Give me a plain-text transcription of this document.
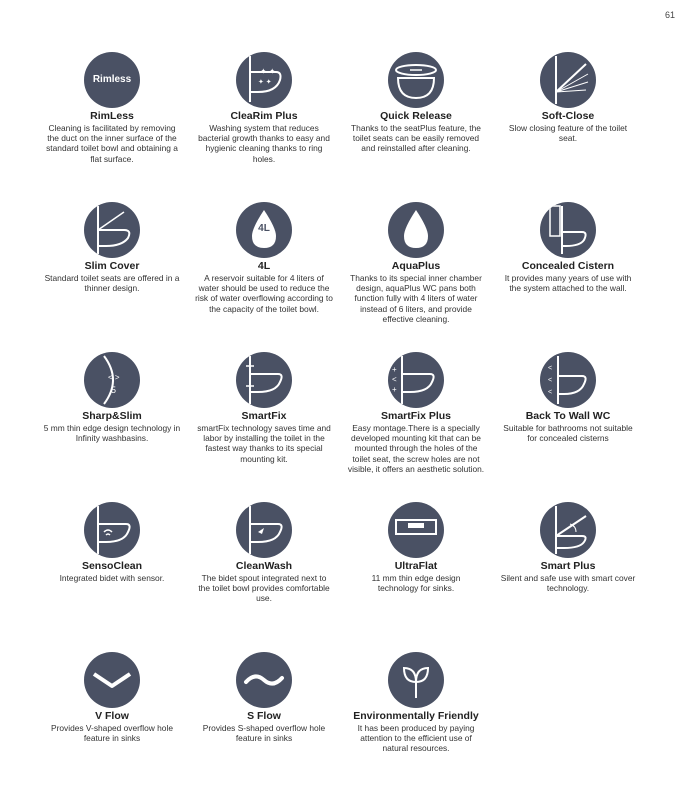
61
Rimless
RimLess
Cleaning is facilitated by removing the duct on the inner surface of the standard toilet bowl and obtaining a flat surface.
✦ ✦
✦ ✦
CleaRim Plus
Washing system that reduces bacterial growth thanks to easy and hygienic cleaning thanks to ring holes.
Quick Release
Thanks to the seatPlus feature, the toilet seats can be easily removed and reinstalled after cleaning.
Soft-Close
Slow closing feature of the toilet seat.
Slim Cover
Standard toilet seats are offered in a thinner design.
4L
4L
A reservoir suitable for 4 liters of water should be used to reduce the risk of water overflowing according to the capacity of the toilet bowl.
AquaPlus
Thanks to its special inner chamber design, aquaPlus WC pans both function fully with 4 liters of water instead of 6 liters, and provide effective cleaning.
Concealed Cistern
It provides many years of use with the system attached to the wall.
< >
5
Sharp&Slim
5 mm thin edge design technology in Infinity washbasins.
SmartFix
smartFix technology saves time and labor by installing the toilet in the fastest way thanks to its special mounting kit.
+
<
+
SmartFix Plus
Easy montage.There is a specially developed mounting kit that can be mounted through the holes of the toilet seat, the screw holes are not visible, it offers an aesthetic solution.
<
<
<
Back To Wall WC
Suitable for bathrooms not suitable for concealed cisterns
SensoClean
Integrated bidet with sensor.
CleanWash
The bidet spout integrated next to the toilet bowl provides comfortable use.
UltraFlat
11 mm thin edge design technology for sinks.
Smart Plus
Silent and safe use with smart cover technology.
V Flow
Provides V-shaped overflow hole feature in sinks
S Flow
Provides S-shaped overflow hole feature in sinks
Environmentally Friendly
It has been produced by paying attention to the efficient use of natural resources.
